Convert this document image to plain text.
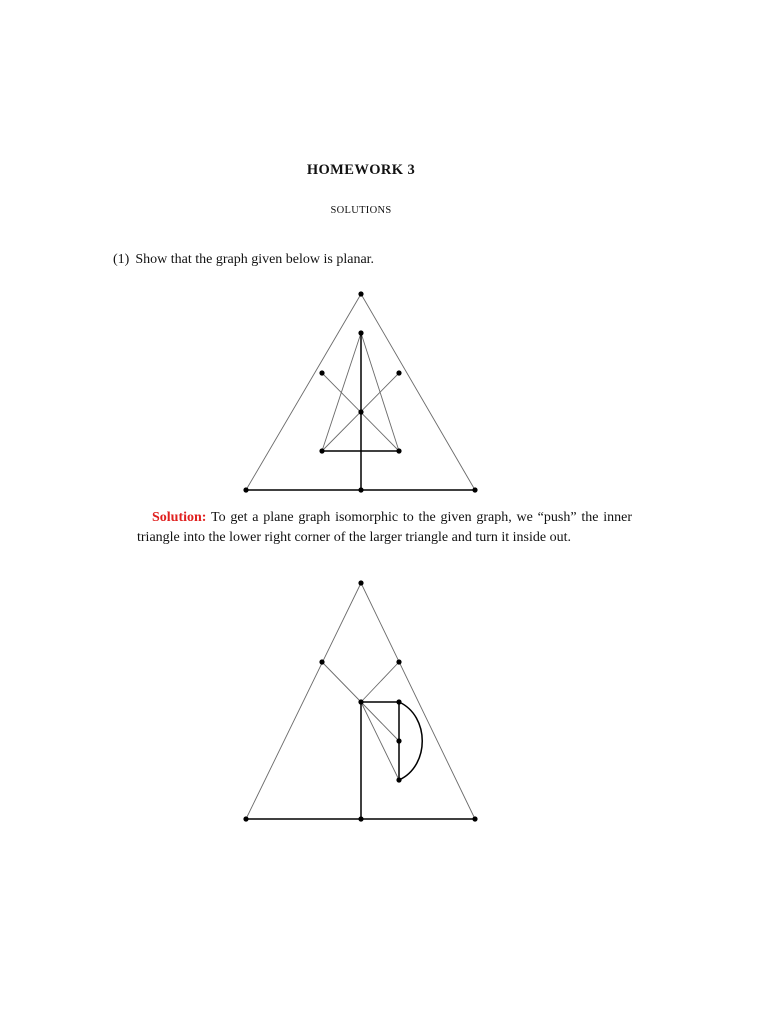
HOMEWORK 3
SOLUTIONS
(1) Show that the graph given below is planar.
Solution: To get a plane graph isomorphic to the given graph, we “push” the inner triangle into the lower right corner of the larger triangle and turn it inside out.
